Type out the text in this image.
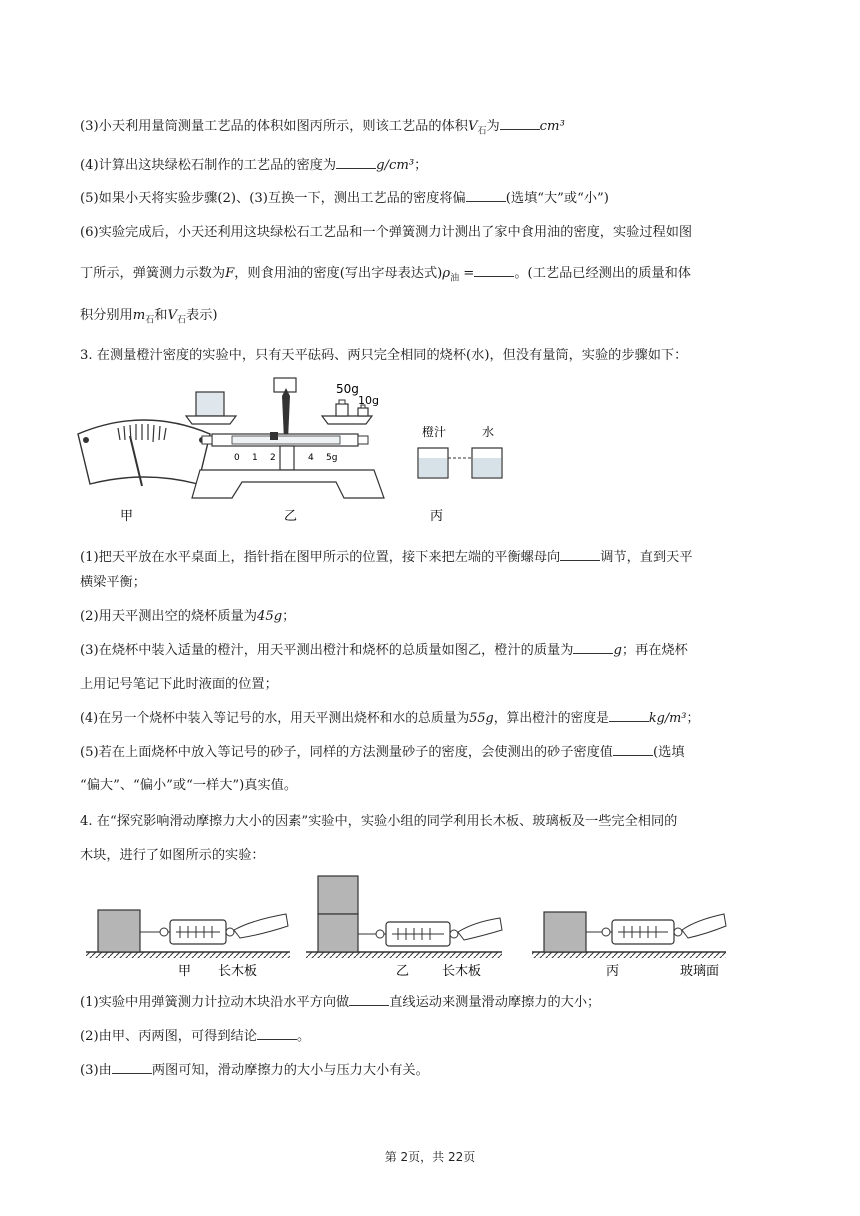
(3)小天利用量筒测量工艺品的体积如图丙所示，则该工艺品的体积$V_石$为	cm³
(4)计算出这块绿松石制作的工艺品的密度为	g/cm³；
(5)如果小天将实验步骤(2)、(3)互换一下，测出工艺品的密度将偏	(选填“大”或“小”)
(6)实验完成后，小天还利用这块绿松石工艺品和一个弹簧测力计测出了家中食用油的密度，实验过程如图
丁所示，弹簧测力示数为F，则食用油的密度(写出字母表达式)$\rho_油$ =	。(工艺品已经测出的质量和体
积分别用$m_石$和$V_石$表示)
3. 在测量橙汁密度的实验中，只有天平砝码、两只完全相同的烧杯(水)，但没有量筒，实验的步骤如下：
甲
50g
10g
0 1 2	4 5g
乙
橙汁	水
丙
(1)把天平放在水平桌面上，指针指在图甲所示的位置，接下来把左端的平衡螺母向	调节，直到天平
横梁平衡；
(2)用天平测出空的烧杯质量为45g；
(3)在烧杯中装入适量的橙汁，用天平测出橙汁和烧杯的总质量如图乙，橙汁的质量为	g；再在烧杯
上用记号笔记下此时液面的位置；
(4)在另一个烧杯中装入等记号的水，用天平测出烧杯和水的总质量为55g，算出橙汁的密度是	kg/m³；
(5)若在上面烧杯中放入等记号的砂子，同样的方法测量砂子的密度，会使测出的砂子密度值	(选填
“偏大”、“偏小”或“一样大”)真实值。
4. 在“探究影响滑动摩擦力大小的因素”实验中，实验小组的同学利用长木板、玻璃板及一些完全相同的
木块，进行了如图所示的实验：
甲 长木板	乙	长木板	丙	玻璃面
(1)实验中用弹簧测力计拉动木块沿水平方向做	直线运动来测量滑动摩擦力的大小；
(2)由甲、丙两图，可得到结论	。
(3)由	两图可知，滑动摩擦力的大小与压力大小有关。
第 2页，共 22页
